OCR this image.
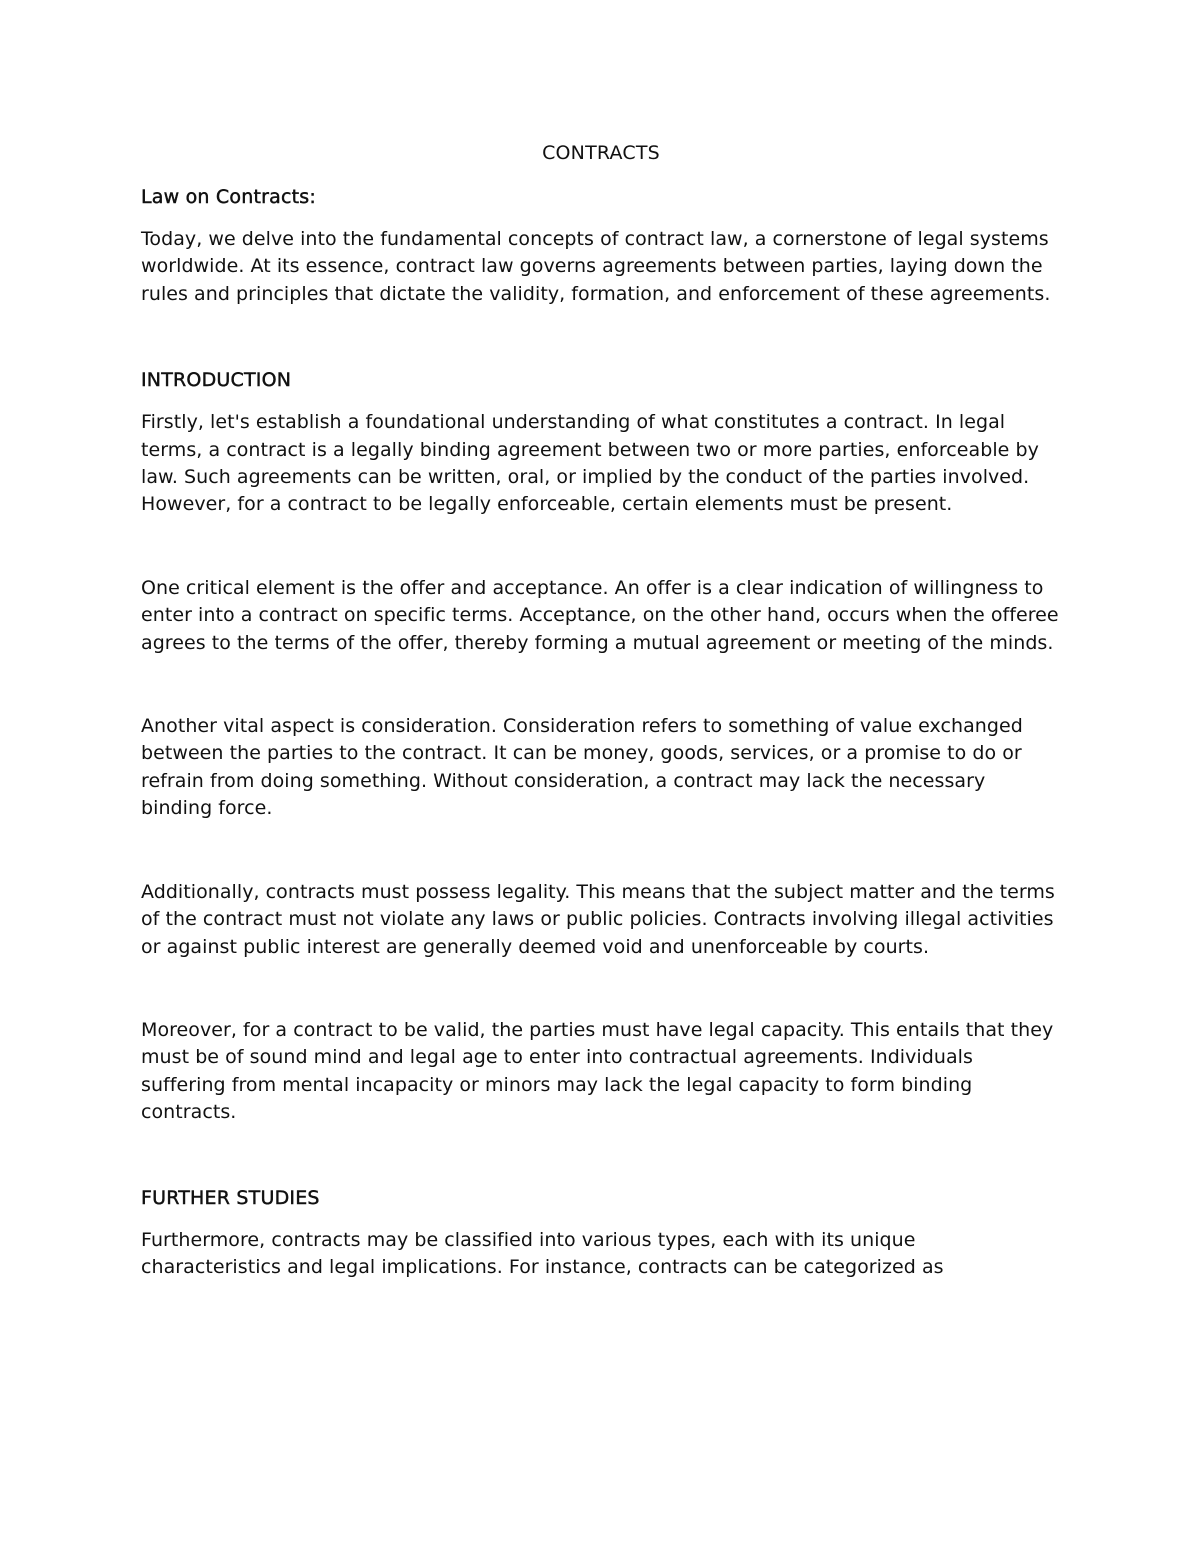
CONTRACTS
Law on Contracts:

Today, we delve into the fundamental concepts of contract law, a cornerstone of legal systems worldwide. At its essence, contract law governs agreements between parties, laying down the rules and principles that dictate the validity, formation, and enforcement of these agreements.

INTRODUCTION

Firstly, let's establish a foundational understanding of what constitutes a contract. In legal terms, a contract is a legally binding agreement between two or more parties, enforceable by law. Such agreements can be written, oral, or implied by the conduct of the parties involved. However, for a contract to be legally enforceable, certain elements must be present.

One critical element is the offer and acceptance. An offer is a clear indication of willingness to enter into a contract on specific terms. Acceptance, on the other hand, occurs when the offeree agrees to the terms of the offer, thereby forming a mutual agreement or meeting of the minds.

Another vital aspect is consideration. Consideration refers to something of value exchanged between the parties to the contract. It can be money, goods, services, or a promise to do or refrain from doing something. Without consideration, a contract may lack the necessary binding force.

Additionally, contracts must possess legality. This means that the subject matter and the terms of the contract must not violate any laws or public policies. Contracts involving illegal activities or against public interest are generally deemed void and unenforceable by courts.

Moreover, for a contract to be valid, the parties must have legal capacity. This entails that they must be of sound mind and legal age to enter into contractual agreements. Individuals suffering from mental incapacity or minors may lack the legal capacity to form binding contracts.

FURTHER STUDIES

Furthermore, contracts may be classified into various types, each with its unique characteristics and legal implications. For instance, contracts can be categorized as
